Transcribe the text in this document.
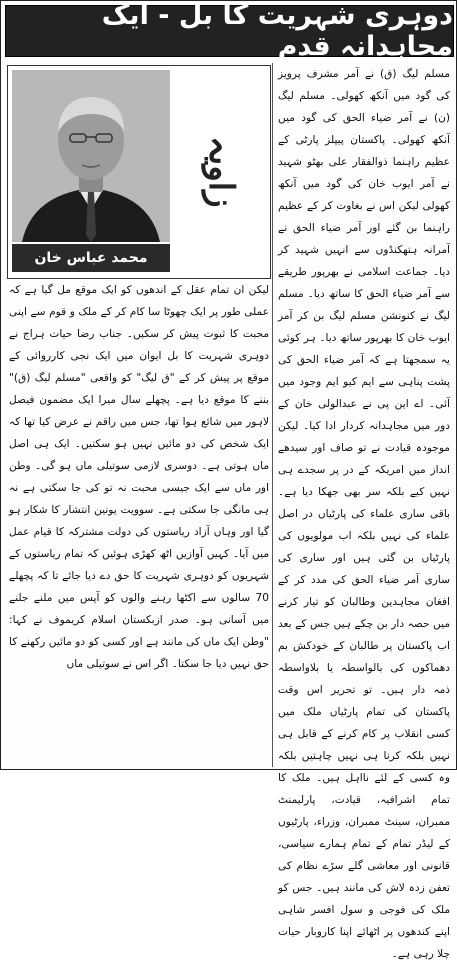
دوہری شہریت کا بل - ایک مجاہدانہ قدم
محمد عباس خان
زاویہ

مسلم لیگ (ق) نے آمر مشرف پرویز کی گود میں آنکھ کھولی۔ مسلم لیگ (ن) نے آمر ضیاء الحق کی گود میں آنکھ کھولی۔ پاکستان پیپلز پارٹی کے عظیم راہنما ذوالفقار علی بھٹو شہید نے آمر ایوب خان کی گود میں آنکھ کھولی لیکن اس نے بغاوت کر کے عظیم راہنما بن گئے اور آمر ضیاء الحق نے آمرانہ ہتھکنڈوں سے انہیں شہید کر دیا۔ جماعت اسلامی نے بھرپور طریقے سے آمر ضیاء الحق کا ساتھ دیا۔ مسلم لیگ نے کنونشن مسلم لیگ بن کر آمر ایوب خان کا بھرپور ساتھ دیا۔ ہر کوئی یہ سمجھتا ہے کہ آمر ضیاء الحق کی پشت پناہی سے ایم کیو ایم وجود میں آئی۔ اے این پی نے عبدالولی خان کے دور میں مجاہدانہ کردار ادا کیا۔ لیکن موجودہ قیادت نے تو صاف اور سیدھے انداز میں امریکہ کے در پر سجدے ہی نہیں کیے بلکہ سر بھی جھکا دیا ہے۔ باقی ساری علماء کی پارٹیاں در اصل علماء کی نہیں بلکہ اب مولویوں کی پارٹیاں بن گئی ہیں اور ساری کی ساری آمر ضیاء الحق کی مدد کر کے افغان مجاہدین وطالبان کو تیار کرنے میں حصہ دار بن چکے ہیں جس کے بعد اب پاکستان پر طالبان کے خودکش بم دھماکوں کی بالواسطہ یا بلاواسطہ ذمہ دار ہیں۔ تو تحریر اس وقت پاکستان کی تمام پارٹیاں ملک میں کسی انقلاب پر کام کرنے کے قابل ہی نہیں بلکہ کرنا ہی نہیں چاہتیں بلکہ وہ کسی کے لئے نااہل ہیں۔ ملک کا تمام اشرافیہ، قیادت، پارلیمنٹ ممبران، سینٹ ممبران، وزراء، پارٹیوں کے لیڈر تمام کے تمام ہمارے سیاسی، قانونی اور معاشی گلے سڑے نظام کی تعفن زدہ لاش کی مانند ہیں۔ جس کو ملک کی فوجی و سول افسر شاہی اپنے کندھوں پر اٹھائے اپنا کاروبار حیات چلا رہی ہے۔

لیکن ان تمام عقل کے اندھوں کو ایک موقع مل گیا ہے کہ عملی طور پر ایک چھوٹا سا کام کر کے ملک و قوم سے اپنی محبت کا ثبوت پیش کر سکیں۔ جناب رضا حیات ہراج نے دوہری شہریت کا بل ایوان میں ایک نجی کارروائی کے موقع پر پیش کر کے "ق لیگ" کو واقعی "مسلم لیگ (ق)" بننے کا موقع دیا ہے۔ پچھلے سال میرا ایک مضمون فیصل لاہور میں شائع ہوا تھا، جس میں راقم نے عرض کیا تھا کہ ایک شخص کی دو مائیں نہیں ہو سکتیں۔ ایک ہی اصل ماں ہوتی ہے۔ دوسری لازمی سوتیلی ماں ہو گی۔ وطن اور ماں سے ایک جیسی محبت نہ تو کی جا سکتی ہے نہ ہی مانگی جا سکتی ہے۔ سوویت یونین انتشار کا شکار ہو گیا اور وہاں آزاد ریاستوں کی دولت مشترکہ کا قیام عمل میں آیا۔ کہیں آوازیں اٹھ کھڑی ہوئیں کہ تمام ریاستوں کے شہریوں کو دوہری شہریت کا حق دے دیا جائے تا کہ پچھلے 70 سالوں سے اکٹھا رہنے والوں کو آپس میں ملنے جلنے میں آسانی ہو۔ صدر ازبکستان اسلام کریموف نے کہا: "وطن ایک ماں کی مانند ہے اور کسی کو دو مائیں رکھنے کا حق نہیں دیا جا سکتا۔ اگر اس نے سوتیلی ماں
